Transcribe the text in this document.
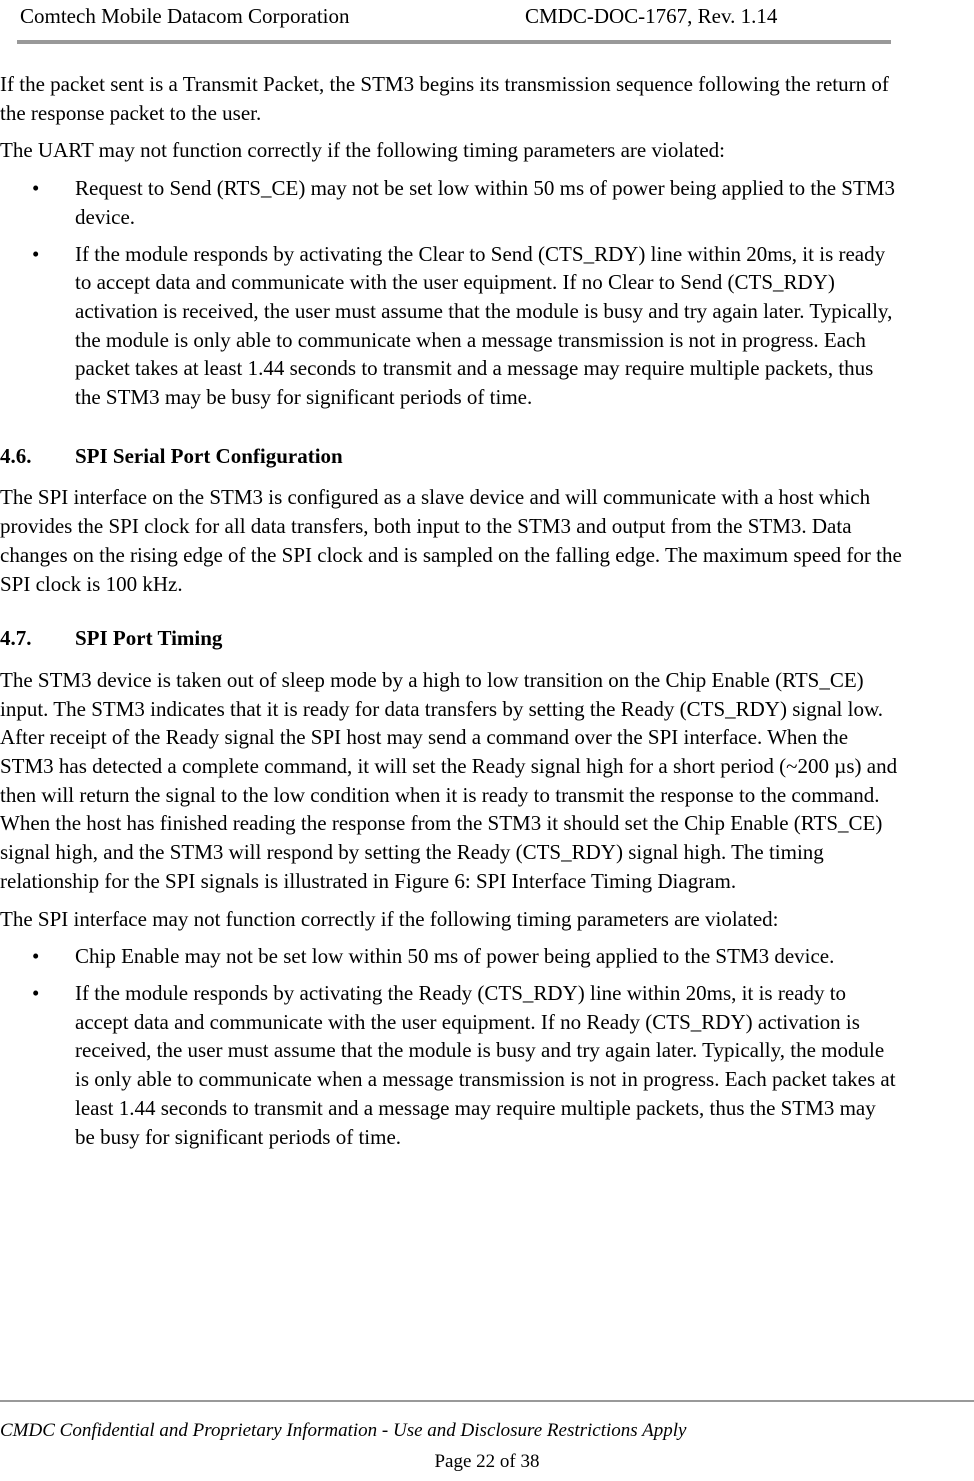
Comtech Mobile Datacom Corporation	CMDC-DOC-1767, Rev. 1.14

If the packet sent is a Transmit Packet, the STM3 begins its transmission sequence following the return of the response packet to the user.

The UART may not function correctly if the following timing parameters are violated:

• Request to Send (RTS_CE) may not be set low within 50 ms of power being applied to the STM3 device.
• If the module responds by activating the Clear to Send (CTS_RDY) line within 20ms, it is ready to accept data and communicate with the user equipment. If no Clear to Send (CTS_RDY) activation is received, the user must assume that the module is busy and try again later. Typically, the module is only able to communicate when a message transmission is not in progress. Each packet takes at least 1.44 seconds to transmit and a message may require multiple packets, thus the STM3 may be busy for significant periods of time.
4.6.	SPI Serial Port Configuration

The SPI interface on the STM3 is configured as a slave device and will communicate with a host which provides the SPI clock for all data transfers, both input to the STM3 and output from the STM3. Data changes on the rising edge of the SPI clock and is sampled on the falling edge. The maximum speed for the SPI clock is 100 kHz.

4.7.	SPI Port Timing

The STM3 device is taken out of sleep mode by a high to low transition on the Chip Enable (RTS_CE) input. The STM3 indicates that it is ready for data transfers by setting the Ready (CTS_RDY) signal low. After receipt of the Ready signal the SPI host may send a command over the SPI interface. When the STM3 has detected a complete command, it will set the Ready signal high for a short period (~200 µs) and then will return the signal to the low condition when it is ready to transmit the response to the command. When the host has finished reading the response from the STM3 it should set the Chip Enable (RTS_CE) signal high, and the STM3 will respond by setting the Ready (CTS_RDY) signal high. The timing relationship for the SPI signals is illustrated in Figure 6: SPI Interface Timing Diagram.

The SPI interface may not function correctly if the following timing parameters are violated:

• Chip Enable may not be set low within 50 ms of power being applied to the STM3 device.
• If the module responds by activating the Ready (CTS_RDY) line within 20ms, it is ready to accept data and communicate with the user equipment. If no Ready (CTS_RDY) activation is received, the user must assume that the module is busy and try again later. Typically, the module is only able to communicate when a message transmission is not in progress. Each packet takes at least 1.44 seconds to transmit and a message may require multiple packets, thus the STM3 may be busy for significant periods of time.
CMDC Confidential and Proprietary Information - Use and Disclosure Restrictions Apply
Page 22 of 38
